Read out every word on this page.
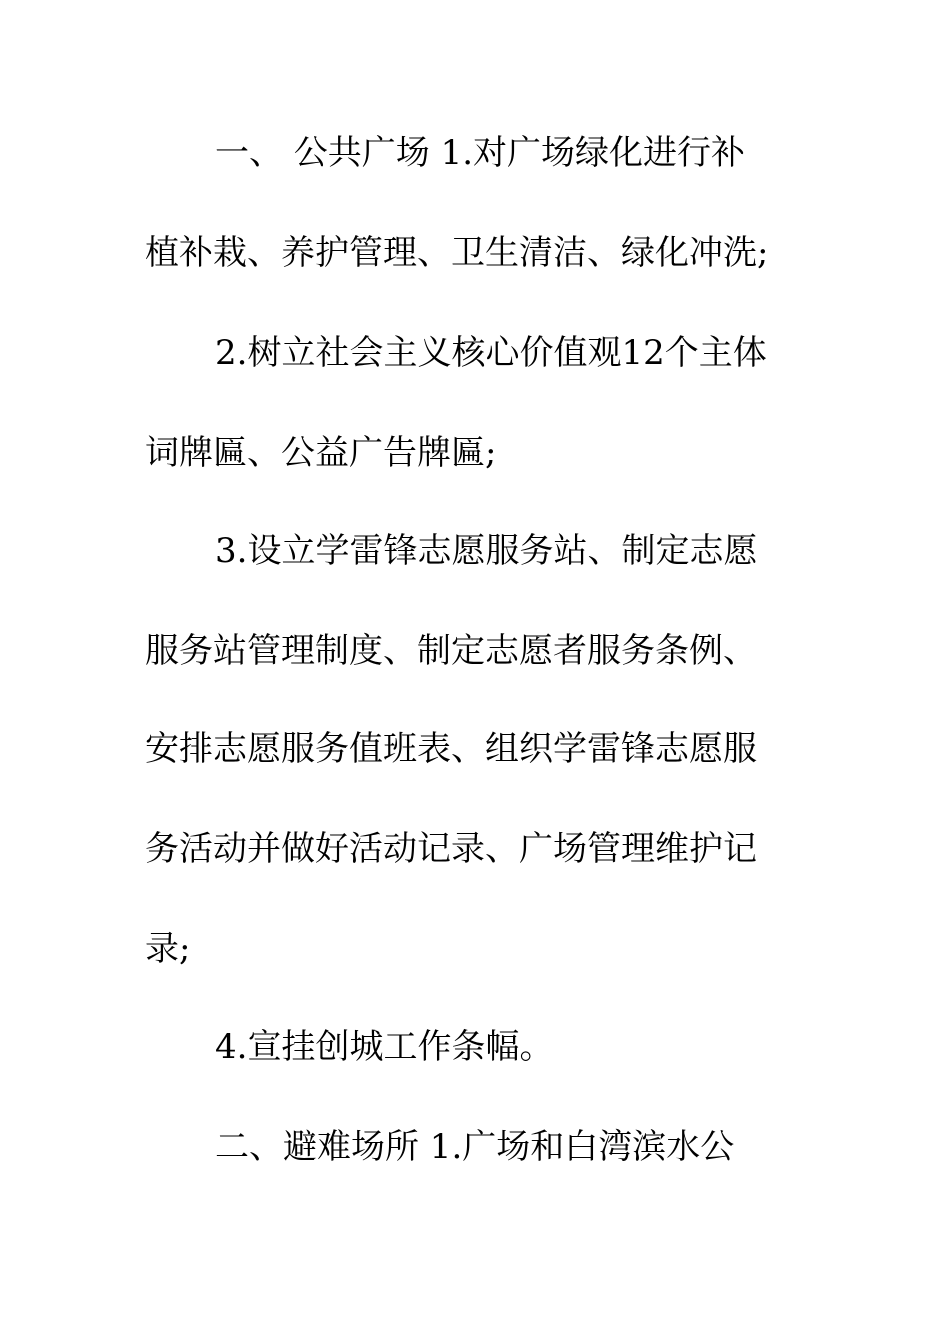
一、 公共广场 1.对广场绿化进行补
植补栽、养护管理、卫生清洁、绿化冲洗;
2.树立社会主义核心价值观12个主体
词牌匾、公益广告牌匾;
3.设立学雷锋志愿服务站、制定志愿
服务站管理制度、制定志愿者服务条例、
安排志愿服务值班表、组织学雷锋志愿服
务活动并做好活动记录、广场管理维护记
录;
4.宣挂创城工作条幅。
二、避难场所 1.广场和白湾滨水公
